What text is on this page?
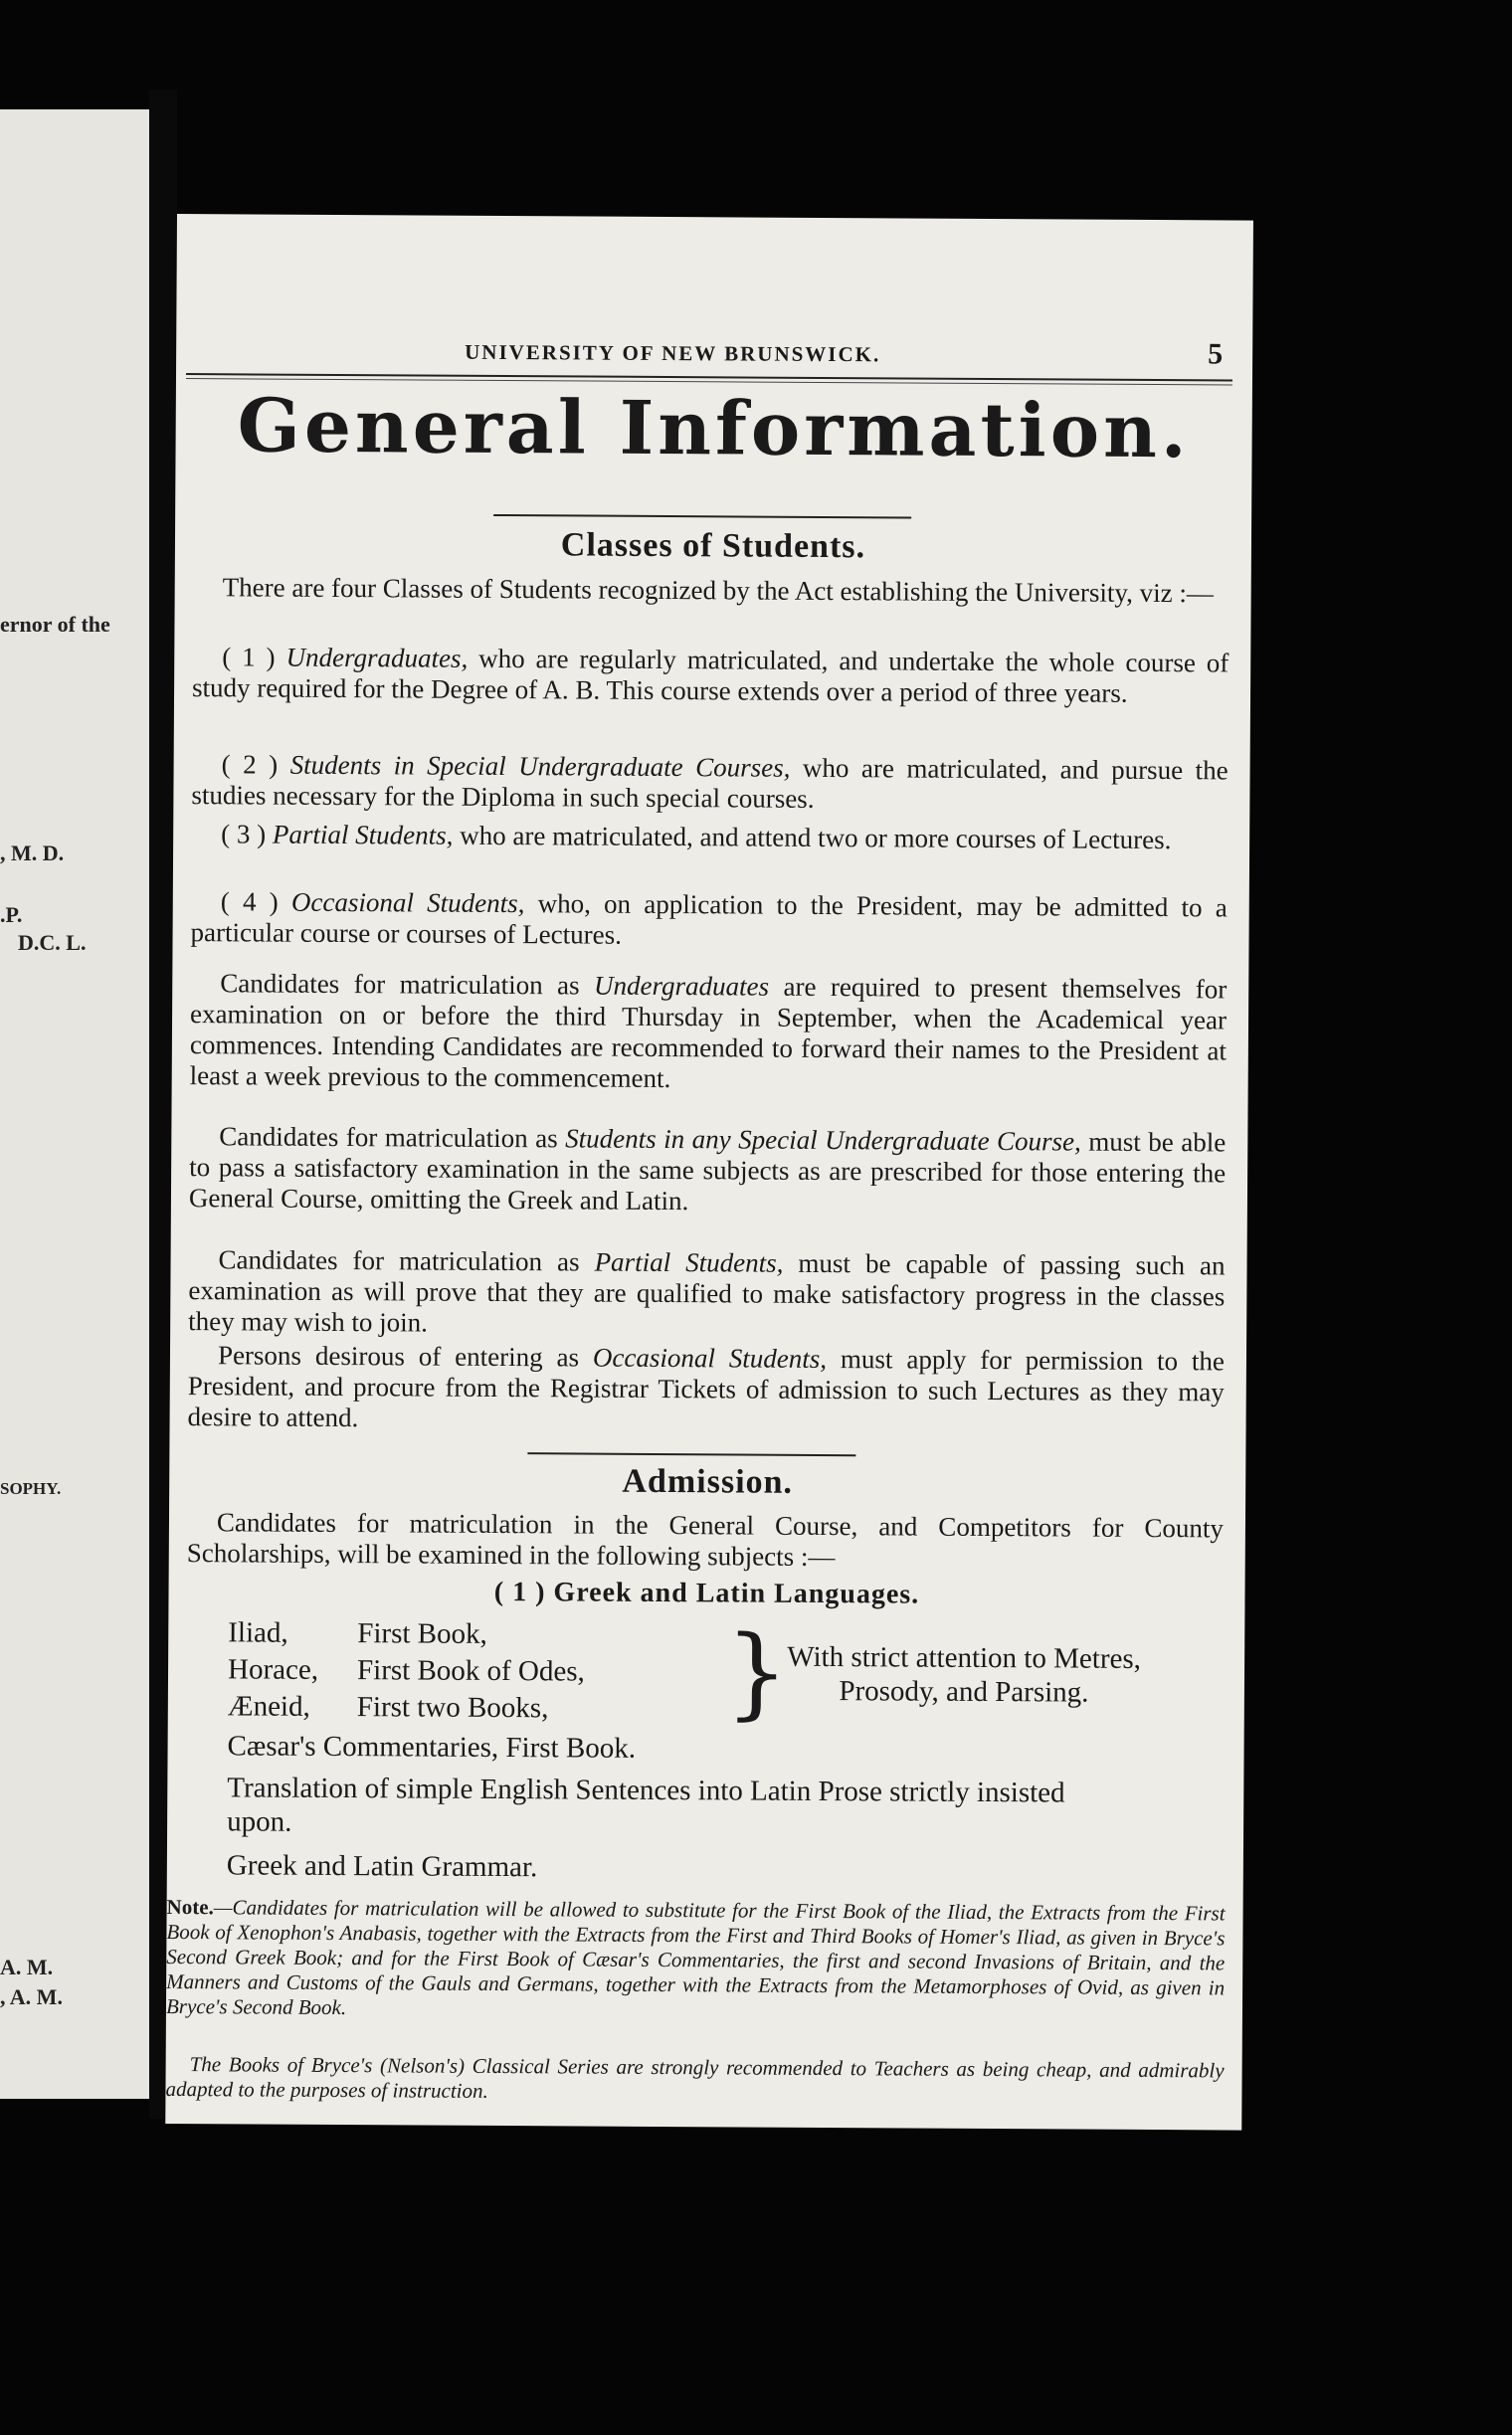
ernor of the
, M. D.
.P.
D.C. L.
SOPHY.
A. M.
, A. M.
UNIVERSITY OF NEW BRUNSWICK.	5
General Information.
Classes of Students.
There are four Classes of Students recognized by the Act establishing the University, viz :—
( 1 ) Undergraduates, who are regularly matriculated, and undertake the whole course of study required for the Degree of A. B. This course extends over a period of three years.
( 2 ) Students in Special Undergraduate Courses, who are matriculated, and pursue the studies necessary for the Diploma in such special courses.
( 3 ) Partial Students, who are matriculated, and attend two or more courses of Lectures.
( 4 ) Occasional Students, who, on application to the President, may be admitted to a particular course or courses of Lectures.
Candidates for matriculation as Undergraduates are required to present themselves for examination on or before the third Thursday in September, when the Academical year commences. Intending Candidates are recommended to forward their names to the President at least a week previous to the commencement.
Candidates for matriculation as Students in any Special Undergraduate Course, must be able to pass a satisfactory examination in the same subjects as are prescribed for those entering the General Course, omitting the Greek and Latin.
Candidates for matriculation as Partial Students, must be capable of passing such an examination as will prove that they are qualified to make satisfactory progress in the classes they may wish to join.
Persons desirous of entering as Occasional Students, must apply for permission to the President, and procure from the Registrar Tickets of admission to such Lectures as they may desire to attend.
Admission.
Candidates for matriculation in the General Course, and Competitors for County Scholarships, will be examined in the following subjects :—
( 1 ) Greek and Latin Languages.
Iliad,	First Book,
Horace,	First Book of Odes,
Æneid,	First two Books,	}
With strict attention to Metres, Prosody, and Parsing.
Cæsar's Commentaries, First Book.
Translation of simple English Sentences into Latin Prose strictly insisted upon.
Greek and Latin Grammar.
Note.—Candidates for matriculation will be allowed to substitute for the First Book of the Iliad, the Extracts from the First Book of Xenophon's Anabasis, together with the Extracts from the First and Third Books of Homer's Iliad, as given in Bryce's Second Greek Book; and for the First Book of Cæsar's Commentaries, the first and second Invasions of Britain, and the Manners and Customs of the Gauls and Germans, together with the Extracts from the Metamorphoses of Ovid, as given in Bryce's Second Book.
The Books of Bryce's (Nelson's) Classical Series are strongly recommended to Teachers as being cheap, and admirably adapted to the purposes of instruction.
